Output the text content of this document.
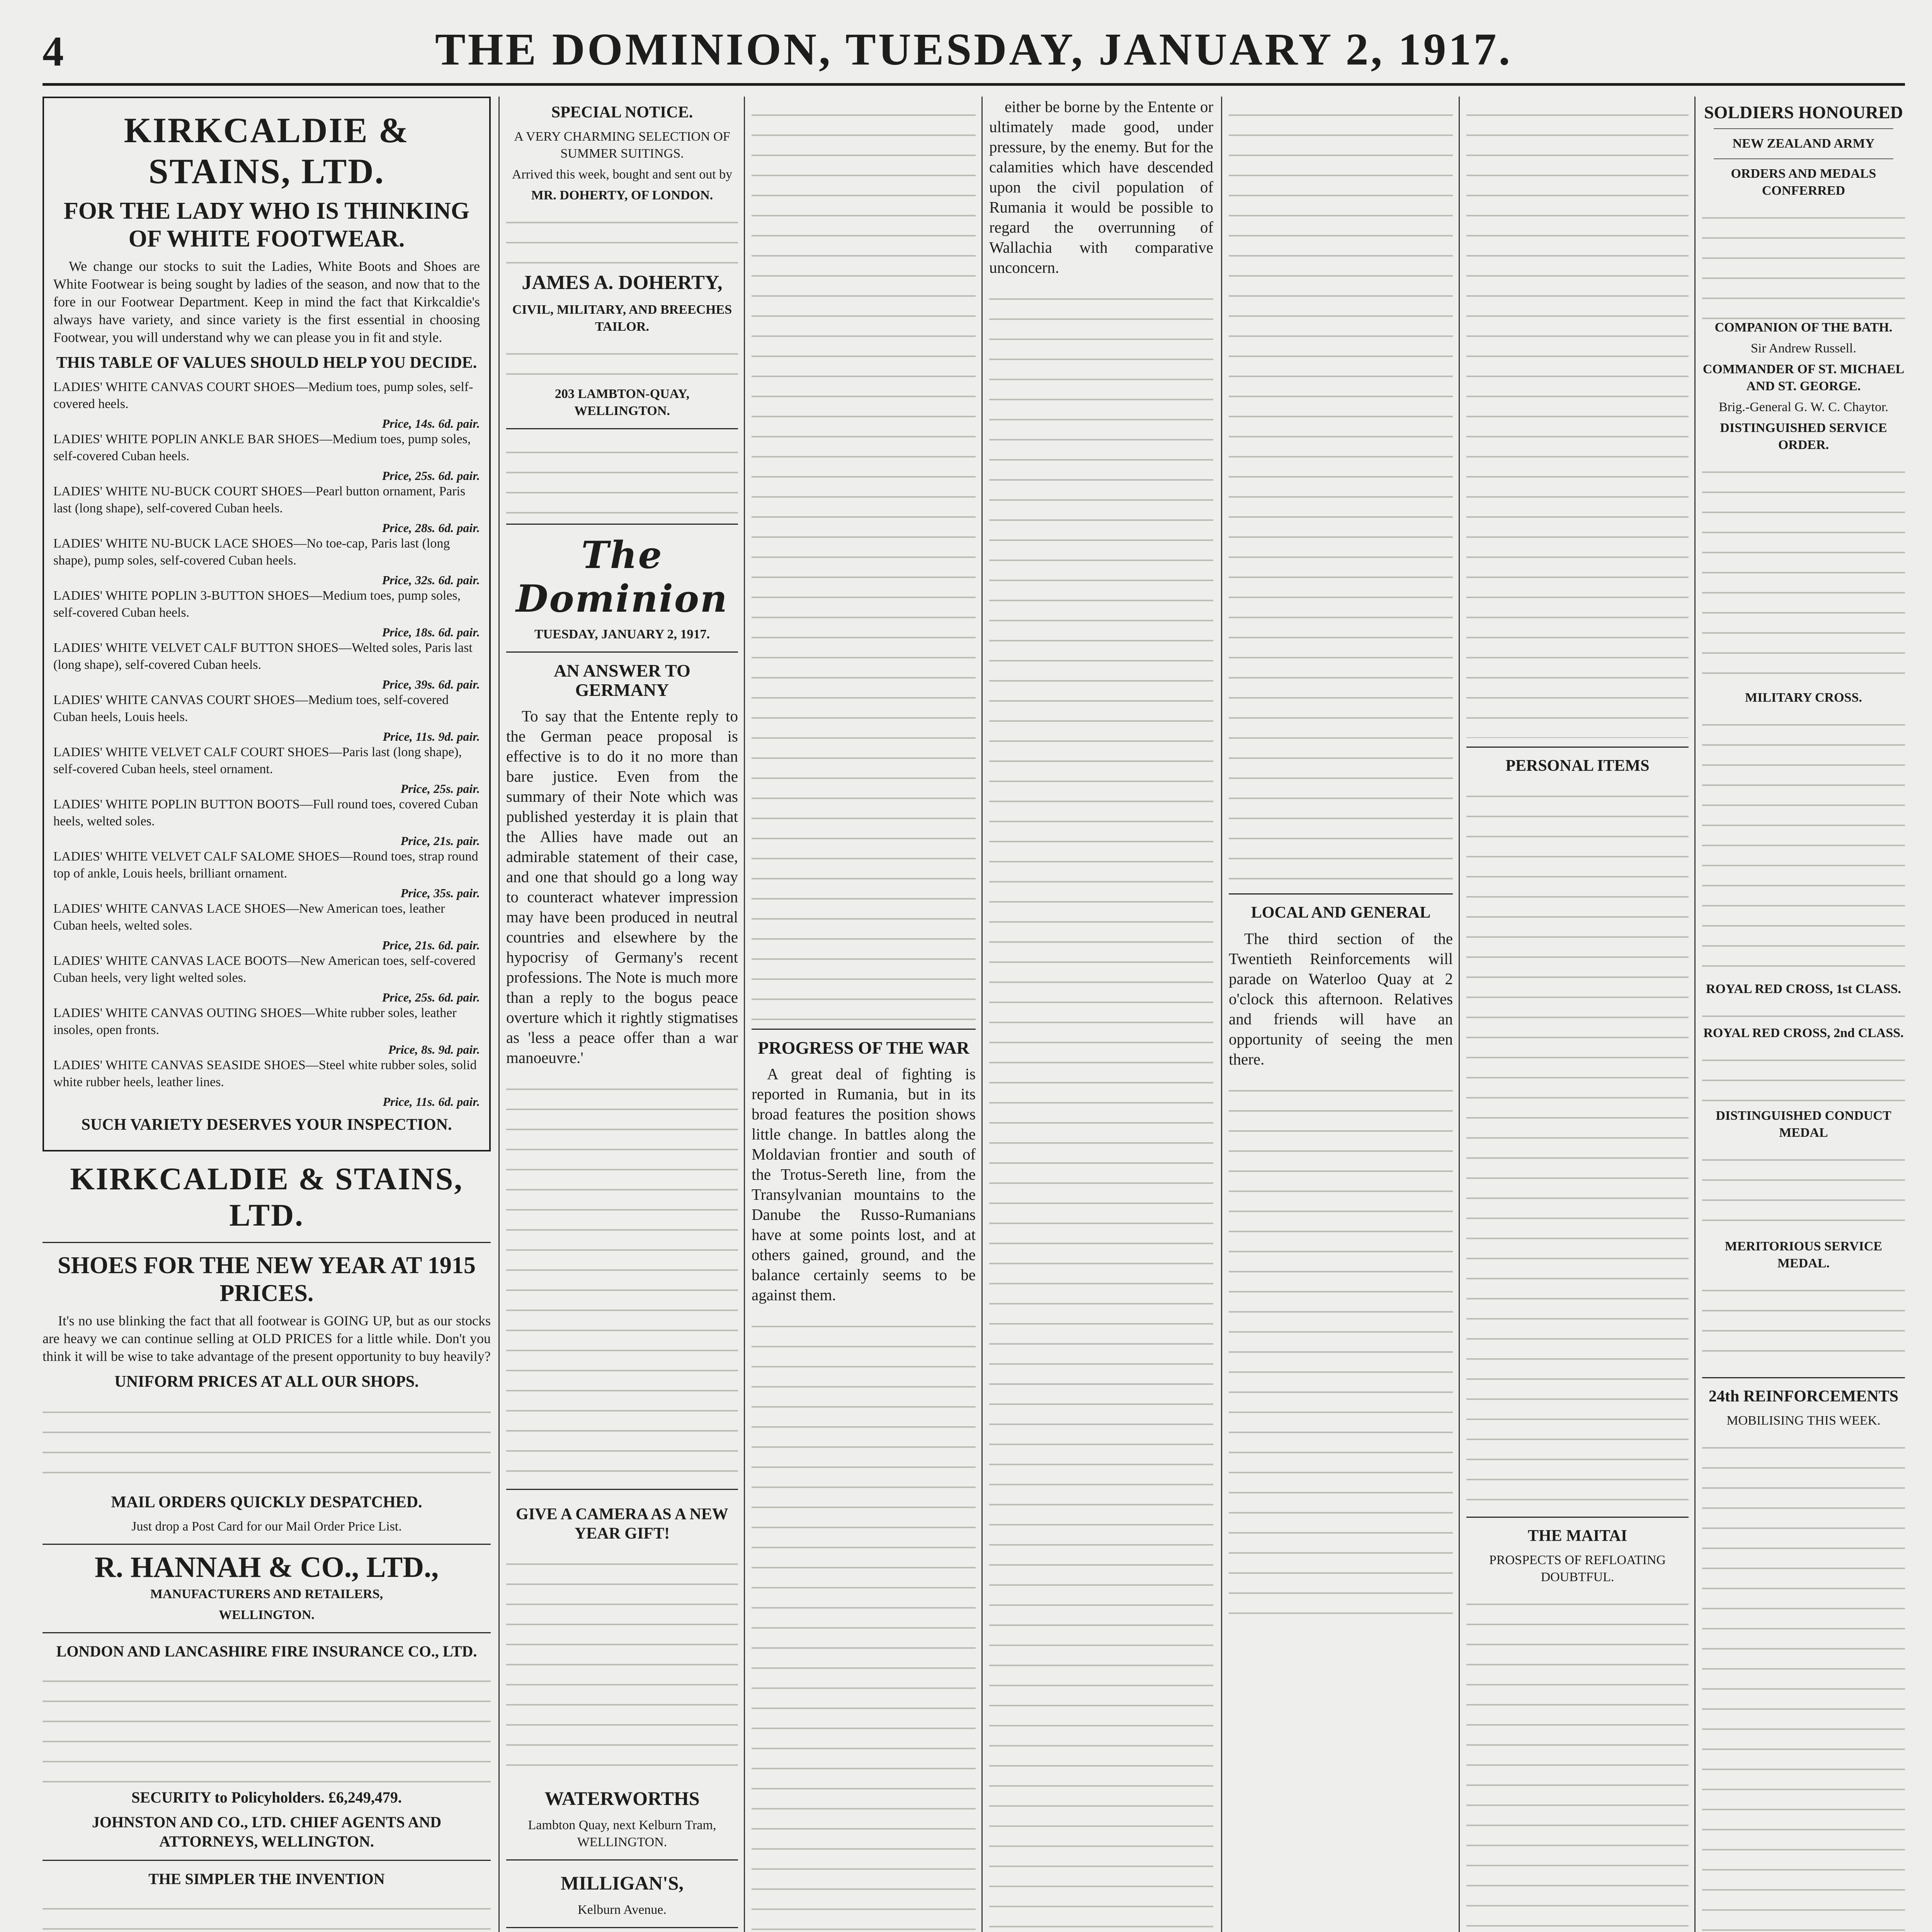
4	THE DOMINION, TUESDAY, JANUARY 2, 1917.
KIRKCALDIE & STAINS, LTD.
FOR THE LADY WHO IS THINKING OF WHITE FOOTWEAR.

We change our stocks to suit the Ladies, White Boots and Shoes are White Footwear is being sought by ladies of the season, and now that to the fore in our Footwear Department. Keep in mind the fact that Kirkcaldie's always have variety, and since variety is the first essential in choosing Footwear, you will understand why we can please you in fit and style.

THIS TABLE OF VALUES SHOULD HELP YOU DECIDE.

LADIES' WHITE CANVAS COURT SHOES—Medium toes, pump soles, self-covered heels.

Price, 14s. 6d. pair.

LADIES' WHITE POPLIN ANKLE BAR SHOES—Medium toes, pump soles, self-covered Cuban heels.

Price, 25s. 6d. pair.

LADIES' WHITE NU-BUCK COURT SHOES—Pearl button ornament, Paris last (long shape), self-covered Cuban heels.

Price, 28s. 6d. pair.

LADIES' WHITE NU-BUCK LACE SHOES—No toe-cap, Paris last (long shape), pump soles, self-covered Cuban heels.

Price, 32s. 6d. pair.

LADIES' WHITE POPLIN 3-BUTTON SHOES—Medium toes, pump soles, self-covered Cuban heels.

Price, 18s. 6d. pair.

LADIES' WHITE VELVET CALF BUTTON SHOES—Welted soles, Paris last (long shape), self-covered Cuban heels.

Price, 39s. 6d. pair.

LADIES' WHITE CANVAS COURT SHOES—Medium toes, self-covered Cuban heels, Louis heels.

Price, 11s. 9d. pair.

LADIES' WHITE VELVET CALF COURT SHOES—Paris last (long shape), self-covered Cuban heels, steel ornament.

Price, 25s. pair.

LADIES' WHITE POPLIN BUTTON BOOTS—Full round toes, covered Cuban heels, welted soles.

Price, 21s. pair.

LADIES' WHITE VELVET CALF SALOME SHOES—Round toes, strap round top of ankle, Louis heels, brilliant ornament.

Price, 35s. pair.

LADIES' WHITE CANVAS LACE SHOES—New American toes, leather Cuban heels, welted soles.

Price, 21s. 6d. pair.

LADIES' WHITE CANVAS LACE BOOTS—New American toes, self-covered Cuban heels, very light welted soles.

Price, 25s. 6d. pair.

LADIES' WHITE CANVAS OUTING SHOES—White rubber soles, leather insoles, open fronts.

Price, 8s. 9d. pair.

LADIES' WHITE CANVAS SEASIDE SHOES—Steel white rubber soles, solid white rubber heels, leather lines.

Price, 11s. 6d. pair.
SUCH VARIETY DESERVES YOUR INSPECTION.
KIRKCALDIE & STAINS, LTD.
SHOES FOR THE NEW YEAR AT 1915 PRICES.

It's no use blinking the fact that all footwear is GOING UP, but as our stocks are heavy we can continue selling at OLD PRICES for a little while. Don't you think it will be wise to take advantage of the present opportunity to buy heavily?

UNIFORM PRICES AT ALL OUR SHOPS.
MAIL ORDERS QUICKLY DESPATCHED.
Just drop a Post Card for our Mail Order Price List.
R. HANNAH & CO., LTD.,
MANUFACTURERS AND RETAILERS,
WELLINGTON.
LONDON AND LANCASHIRE FIRE INSURANCE CO., LTD.
SECURITY to Policyholders. £6,249,479.
JOHNSTON AND CO., LTD. CHIEF AGENTS AND ATTORNEYS, WELLINGTON.
THE SIMPLER THE INVENTION
SPECIAL NOTICE.
A VERY CHARMING SELECTION OF SUMMER SUITINGS.
Arrived this week, bought and sent out by
MR. DOHERTY, OF LONDON.
JAMES A. DOHERTY,
CIVIL, MILITARY, AND BREECHES TAILOR.
203 LAMBTON-QUAY, WELLINGTON.
The Dominion
TUESDAY, JANUARY 2, 1917.
AN ANSWER TO GERMANY

To say that the Entente reply to the German peace proposal is effective is to do it no more than bare justice. Even from the summary of their Note which was published yesterday it is plain that the Allies have made out an admirable statement of their case, and one that should go a long way to counteract whatever impression may have been produced in neutral countries and elsewhere by the hypocrisy of Germany's recent professions. The Note is much more than a reply to the bogus peace overture which it rightly stigmatises as 'less a peace offer than a war manoeuvre.'

GIVE A CAMERA AS A NEW YEAR GIFT!
WATERWORTHS
Lambton Quay, next Kelburn Tram, WELLINGTON.
MILLIGAN'S,
Kelburn Avenue.
PROGRESS OF THE WAR

A great deal of fighting is reported in Rumania, but in its broad features the position shows little change. In battles along the Moldavian frontier and south of the Trotus-Sereth line, from the Transylvanian mountains to the Danube the Russo-Rumanians have at some points lost, and at others gained, ground, and the balance certainly seems to be against them.

either be borne by the Entente or ultimately made good, under pressure, by the enemy. But for the calamities which have descended upon the civil population of Rumania it would be possible to regard the overrunning of Wallachia with comparative unconcern.

LOCAL AND GENERAL

The third section of the Twentieth Reinforcements will parade on Waterloo Quay at 2 o'clock this afternoon. Relatives and friends will have an opportunity of seeing the men there.

PERSONAL ITEMS
THE MAITAI
PROSPECTS OF REFLOATING DOUBTFUL.
SOLDIERS HONOURED
NEW ZEALAND ARMY
ORDERS AND MEDALS CONFERRED
COMPANION OF THE BATH.
Sir Andrew Russell.
COMMANDER OF ST. MICHAEL AND ST. GEORGE.
Brig.-General G. W. C. Chaytor.
DISTINGUISHED SERVICE ORDER.
MILITARY CROSS.
ROYAL RED CROSS, 1st CLASS.
ROYAL RED CROSS, 2nd CLASS.
DISTINGUISHED CONDUCT MEDAL
MERITORIOUS SERVICE MEDAL.
24th REINFORCEMENTS
MOBILISING THIS WEEK.
